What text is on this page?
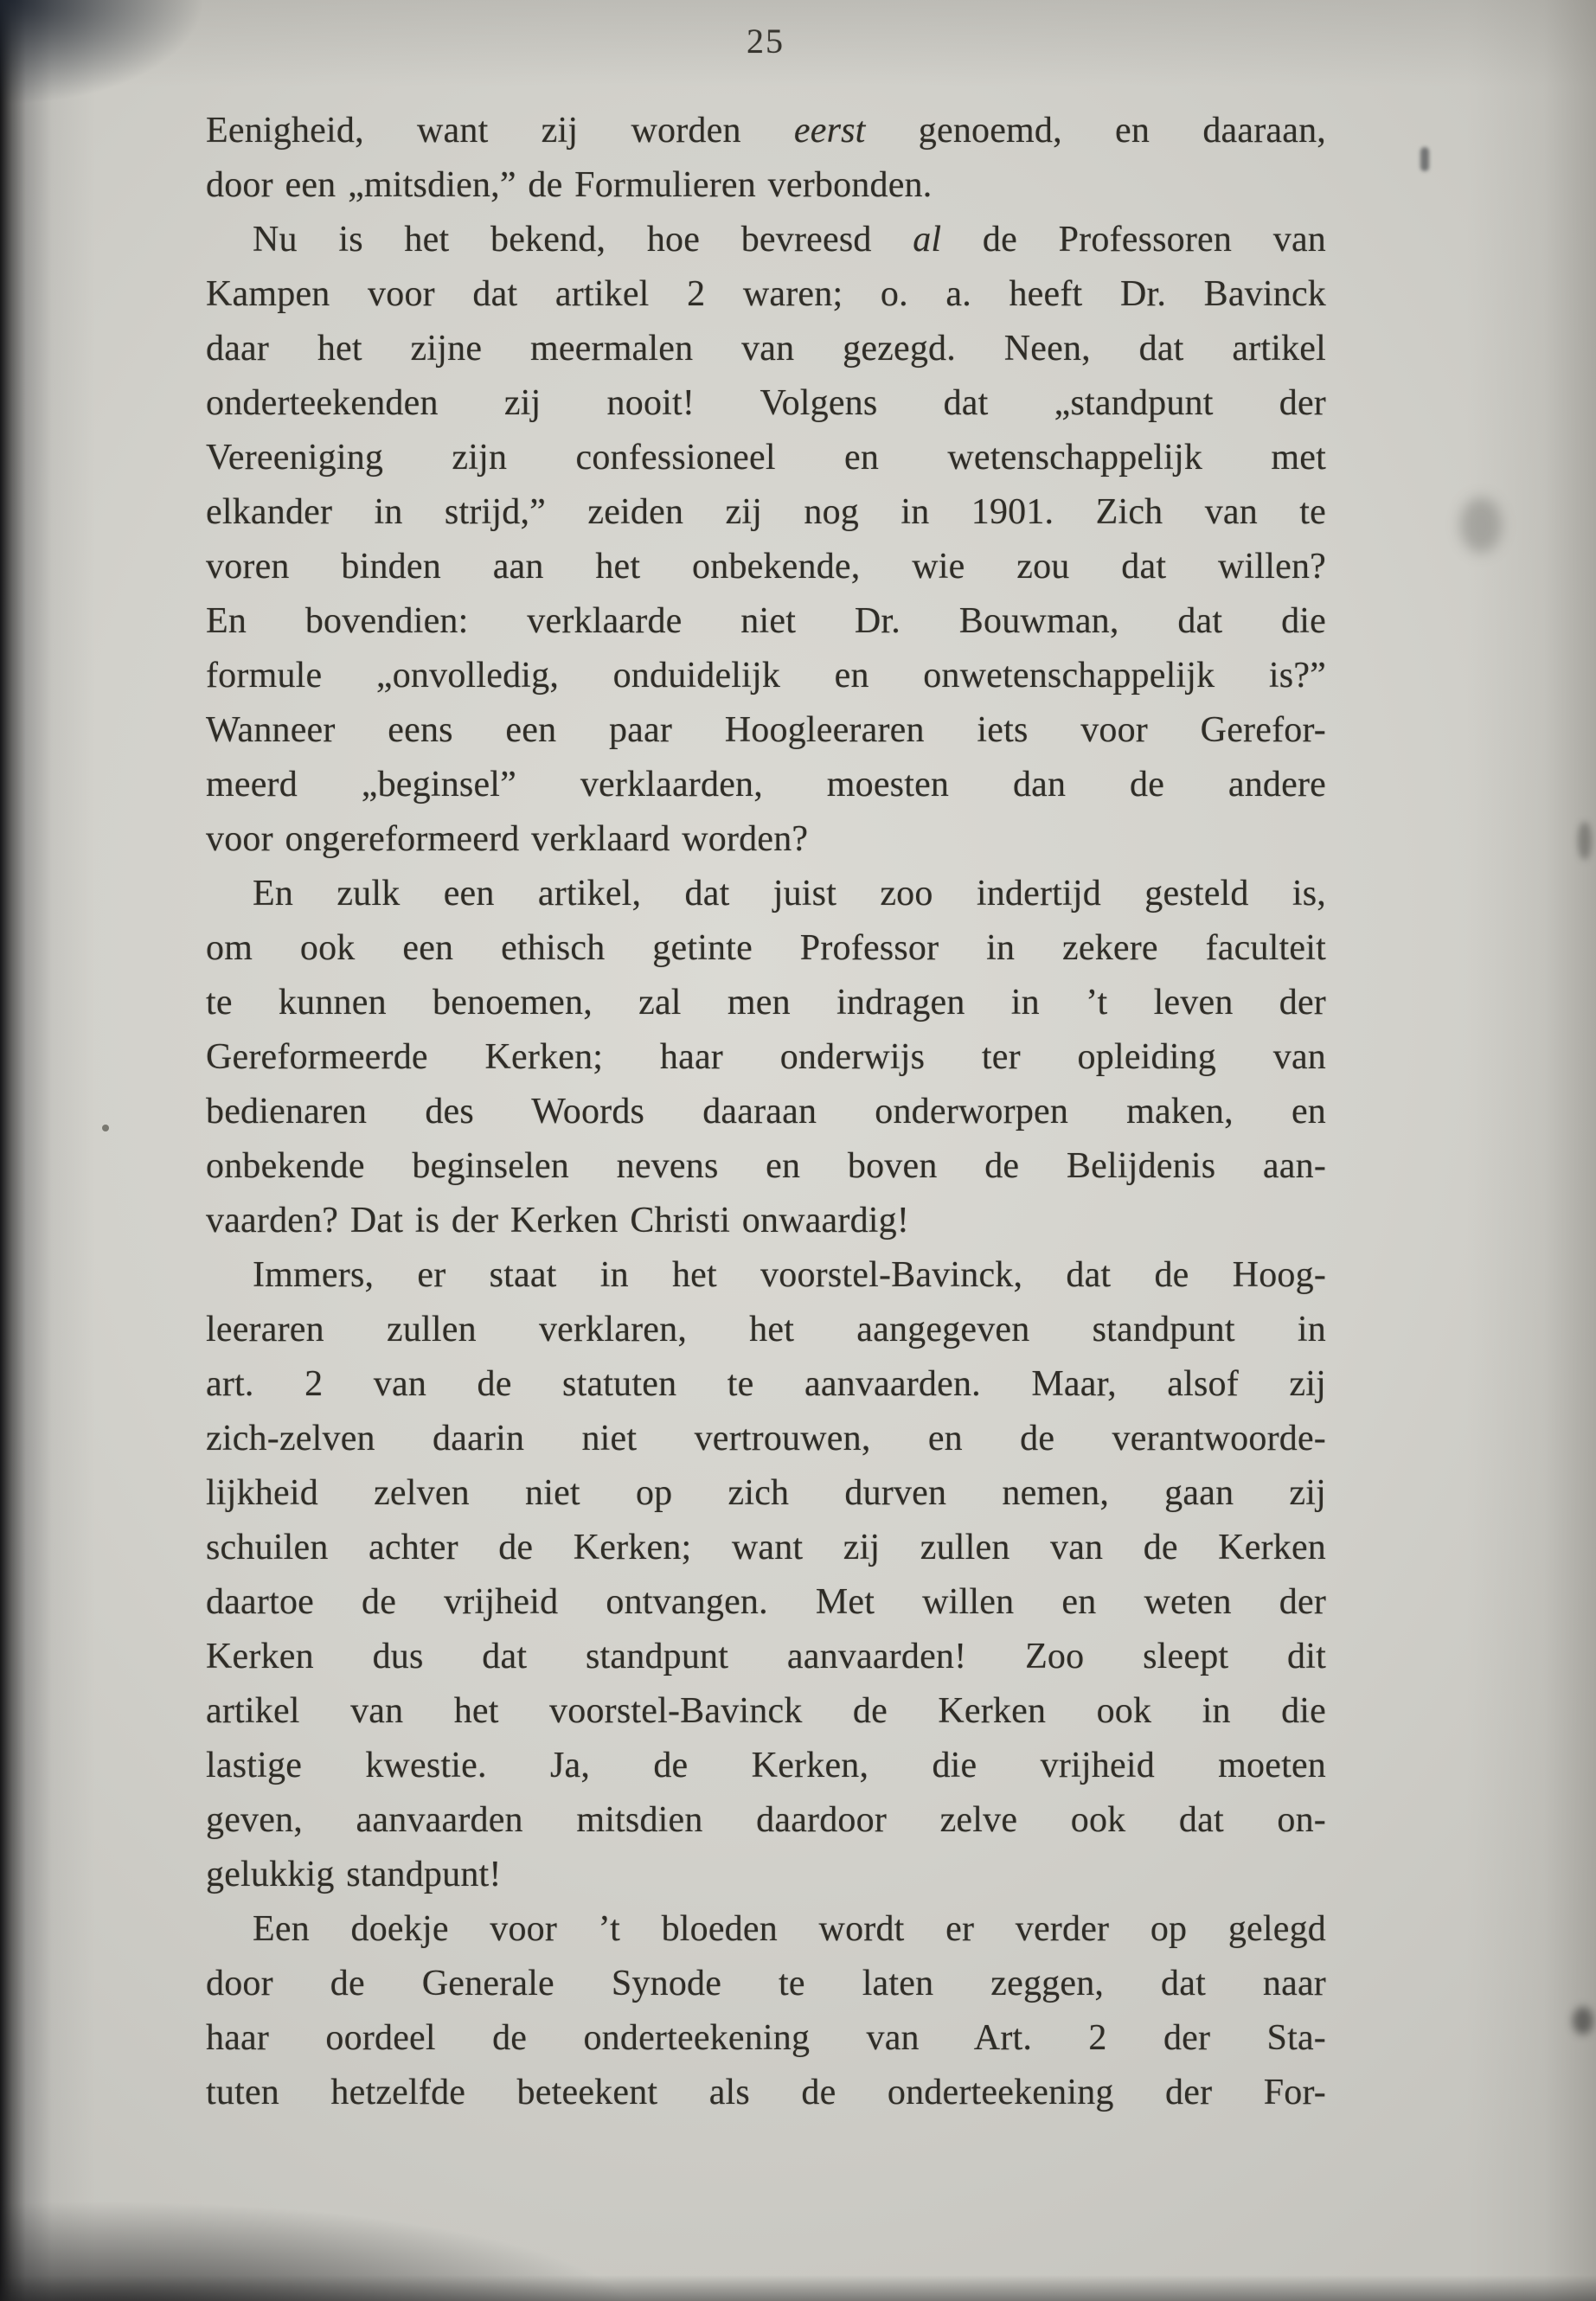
25
Eenigheid, want zij worden eerst genoemd, en daaraan,
door een „mitsdien,” de Formulieren verbonden.
Nu is het bekend, hoe bevreesd al de Professoren van
Kampen voor dat artikel 2 waren; o. a. heeft Dr. Bavinck
daar het zijne meermalen van gezegd. Neen, dat artikel
onderteekenden zij nooit! Volgens dat „standpunt der
Vereeniging zijn confessioneel en wetenschappelijk met
elkander in strijd,” zeiden zij nog in 1901. Zich van te
voren binden aan het onbekende, wie zou dat willen?
En bovendien: verklaarde niet Dr. Bouwman, dat die
formule „onvolledig, onduidelijk en onwetenschappelijk is?”
Wanneer eens een paar Hoogleeraren iets voor Gerefor-
meerd „beginsel” verklaarden, moesten dan de andere
voor ongereformeerd verklaard worden?
En zulk een artikel, dat juist zoo indertijd gesteld is,
om ook een ethisch getinte Professor in zekere faculteit
te kunnen benoemen, zal men indragen in ’t leven der
Gereformeerde Kerken; haar onderwijs ter opleiding van
bedienaren des Woords daaraan onderworpen maken, en
onbekende beginselen nevens en boven de Belijdenis aan-
vaarden? Dat is der Kerken Christi onwaardig!
Immers, er staat in het voorstel-Bavinck, dat de Hoog-
leeraren zullen verklaren, het aangegeven standpunt in
art. 2 van de statuten te aanvaarden. Maar, alsof zij
zich-zelven daarin niet vertrouwen, en de verantwoorde-
lijkheid zelven niet op zich durven nemen, gaan zij
schuilen achter de Kerken; want zij zullen van de Kerken
daartoe de vrijheid ontvangen. Met willen en weten der
Kerken dus dat standpunt aanvaarden! Zoo sleept dit
artikel van het voorstel-Bavinck de Kerken ook in die
lastige kwestie. Ja, de Kerken, die vrijheid moeten
geven, aanvaarden mitsdien daardoor zelve ook dat on-
gelukkig standpunt!
Een doekje voor ’t bloeden wordt er verder op gelegd
door de Generale Synode te laten zeggen, dat naar
haar oordeel de onderteekening van Art. 2 der Sta-
tuten hetzelfde beteekent als de onderteekening der For-
